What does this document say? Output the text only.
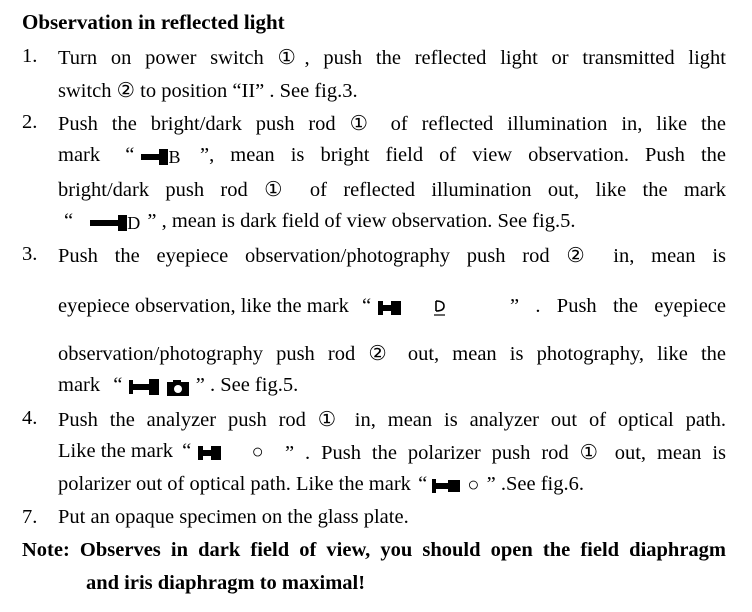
Observation in reflected light
1. Turn on power switch ①, push the reflected light or transmitted light
switch ② to position “II” . See fig.3.
2. Push the bright/dark push rod ① of reflected illumination in, like the
mark “ B ”, mean is bright field of view observation. Push the
bright/dark push rod ① of reflected illumination out, like the mark
“	D ” , mean is dark field of view observation. See fig.5.
3. Push the eyepiece observation/photography push rod ② in, mean is
eyepiece observation, like the mark “	” . Push the eyepiece
observation/photography push rod ② out, mean is photography, like the
mark “	” . See fig.5.
4. Push the analyzer push rod ① in, mean is analyzer out of optical path.
Like the mark “	○ ” . Push the polarizer push rod ① out, mean is
polarizer out of optical path. Like the mark “ ○ ” .See fig.6.
7. Put an opaque specimen on the glass plate.
Note: Observes in dark field of view, you should open the field diaphragm
and iris diaphragm to maximal!
